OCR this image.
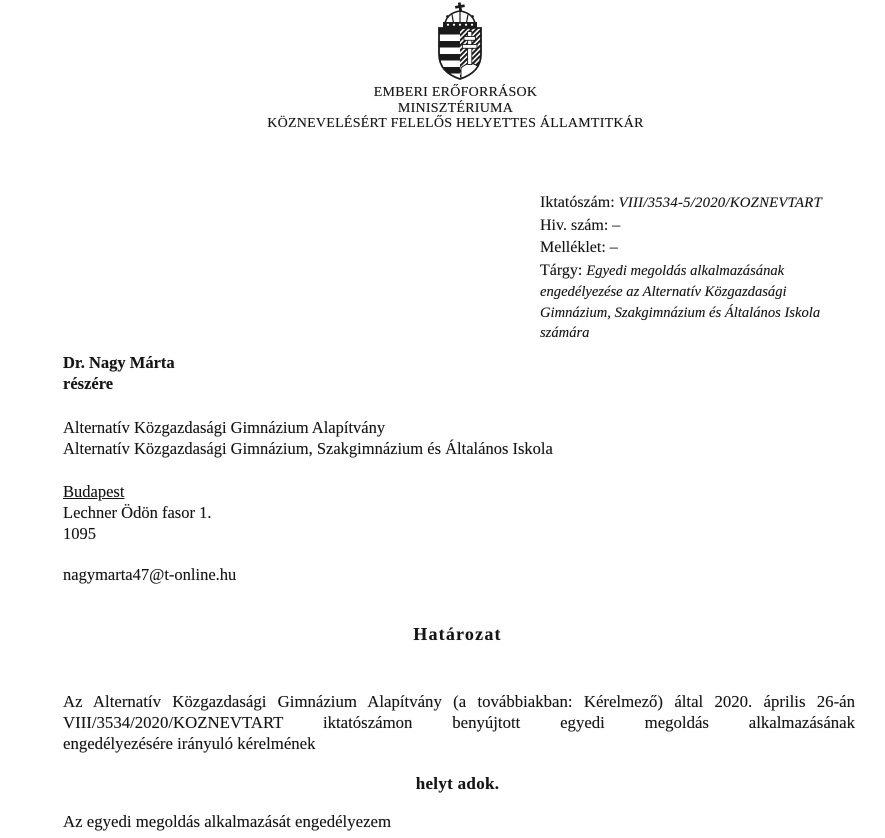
EMBERI ERŐFORRÁSOK
MINISZTÉRIUMA
KÖZNEVELÉSÉRT FELELŐS HELYETTES ÁLLAMTITKÁR
Iktatószám: VIII/3534-5/2020/KOZNEVTART
Hiv. szám: –
Melléklet: –
Tárgy: Egyedi megoldás alkalmazásának
engedélyezése az Alternatív Közgazdasági
Gimnázium, Szakgimnázium és Általános Iskola
számára
Dr. Nagy Márta
részére
Alternatív Közgazdasági Gimnázium Alapítvány
Alternatív Közgazdasági Gimnázium, Szakgimnázium és Általános Iskola
Budapest
Lechner Ödön fasor 1.
1095
nagymarta47@t-online.hu
Határozat
Az Alternatív Közgazdasági Gimnázium Alapítvány (a továbbiakban: Kérelmező) által 2020. április 26-án
VIII/3534/2020/KOZNEVTART iktatószámon benyújtott egyedi megoldás alkalmazásának
engedélyezésére irányuló kérelmének
helyt adok.
Az egyedi megoldás alkalmazását engedélyezem
